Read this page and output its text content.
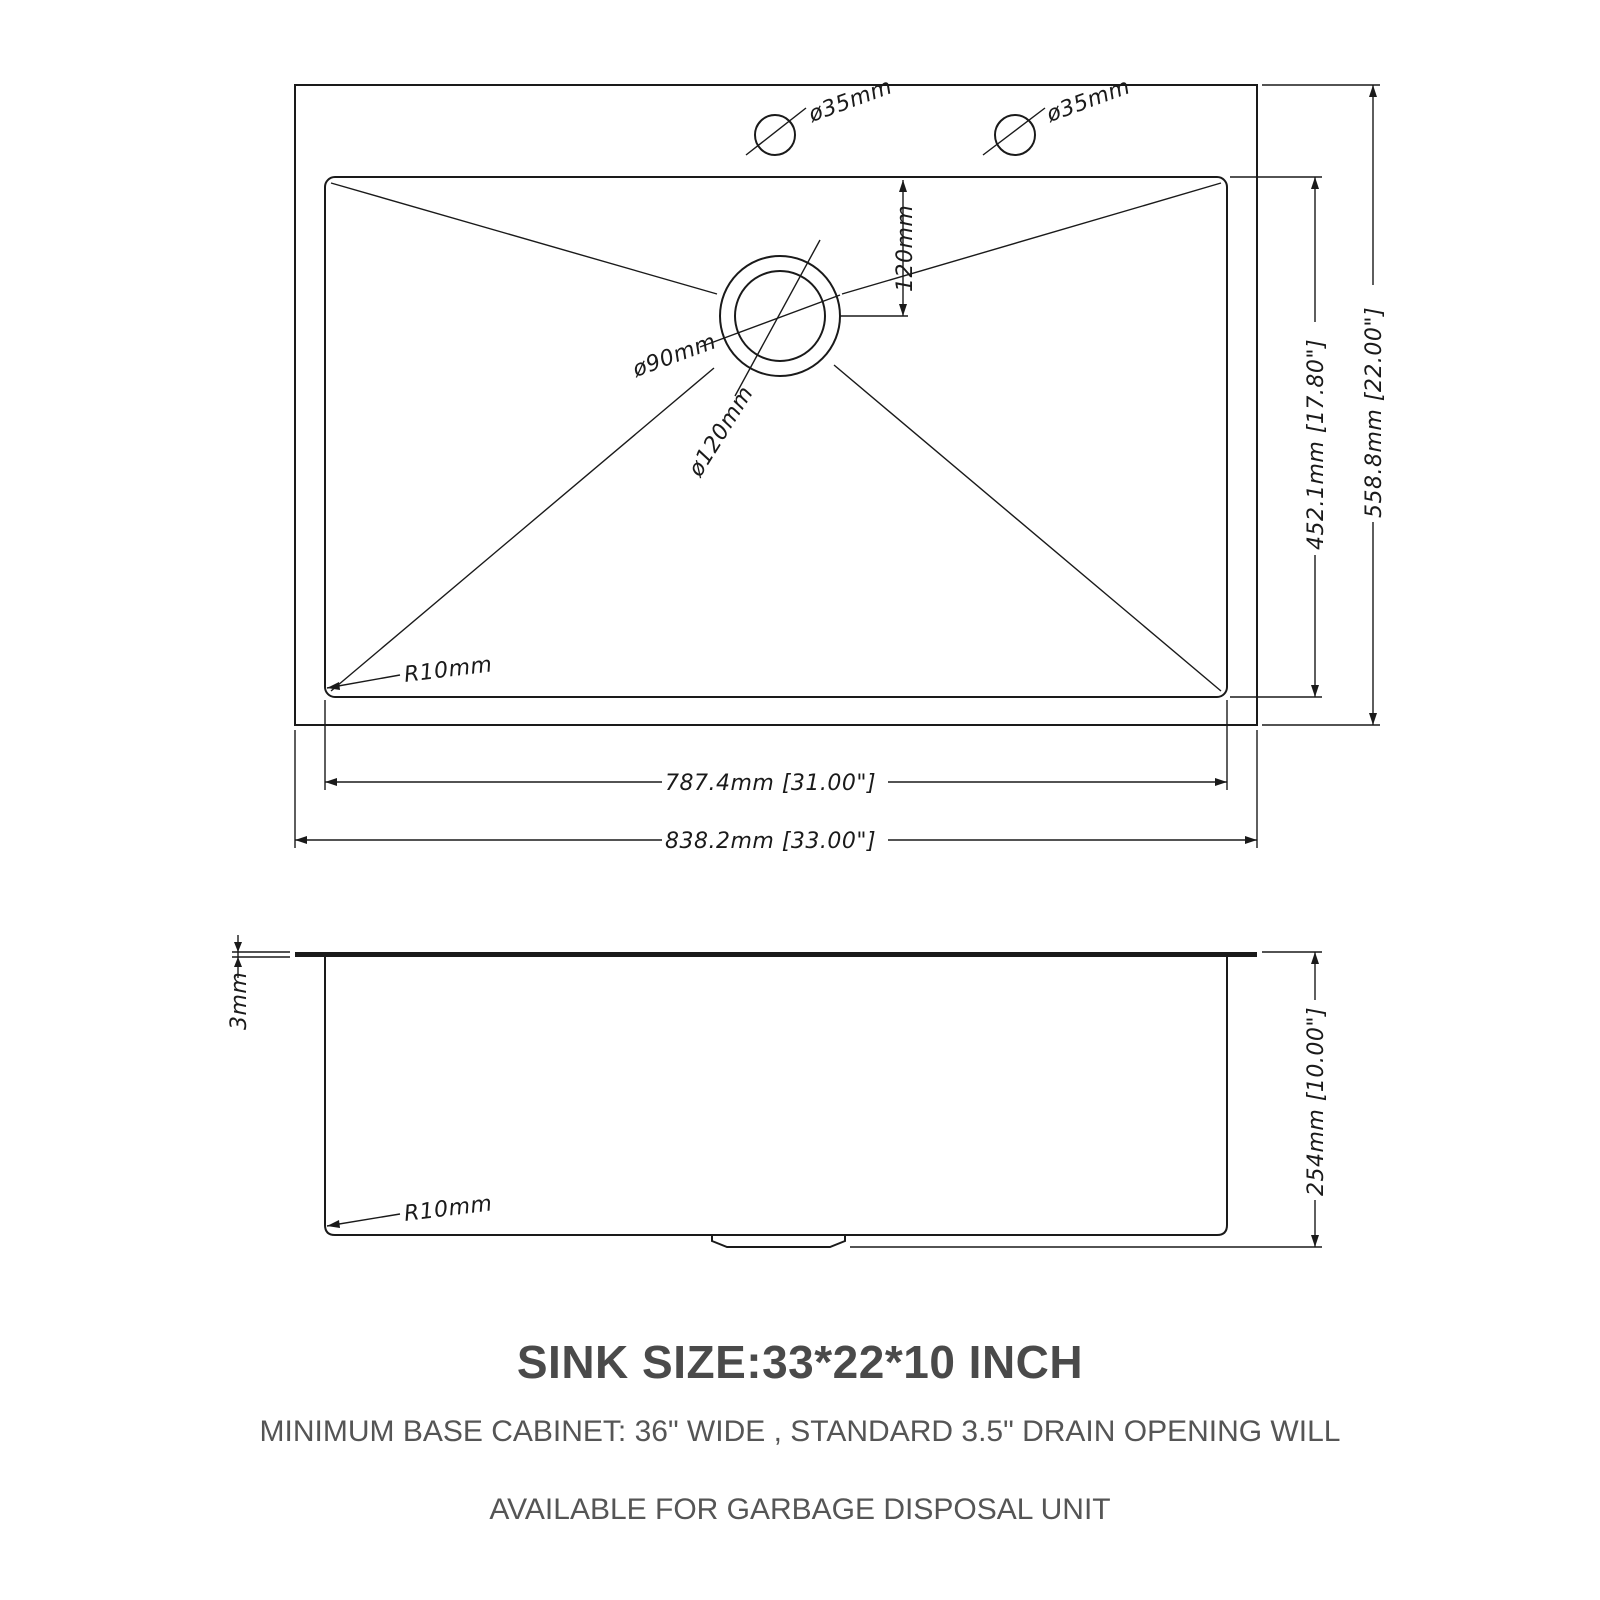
ø35mm	ø35mm
ø90mm
ø120mm
120mm
R10mm
787.4mm [31.00"]
838.2mm [33.00"]
452.1mm [17.80"] 558.8mm [22.00"]
3mm
R10mm
254mm [10.00"]
SINK SIZE:33*22*10 INCH
MINIMUM BASE CABINET: 36" WIDE , STANDARD 3.5" DRAIN OPENING WILL
AVAILABLE FOR GARBAGE DISPOSAL UNIT
